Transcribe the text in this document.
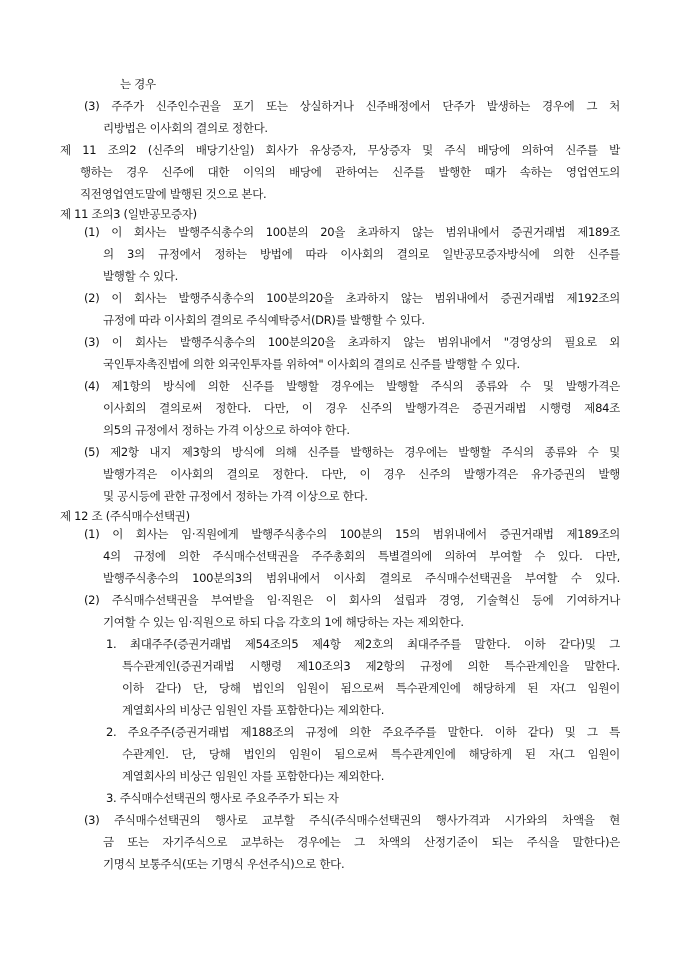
는 경우
(3) 주주가 신주인수권을 포기 또는 상실하거나 신주배정에서 단주가 발생하는 경우에 그 처
리방법은 이사회의 결의로 정한다.
제 11 조의2 (신주의 배당기산일) 회사가 유상증자, 무상증자 및 주식 배당에 의하여 신주를 발
행하는 경우 신주에 대한 이익의 배당에 관하여는 신주를 발행한 때가 속하는 영업연도의
직전영업연도말에 발행된 것으로 본다.
제 11 조의3 (일반공모증자)
(1) 이 회사는 발행주식총수의 100분의 20을 초과하지 않는 범위내에서 증권거래법 제189조
의 3의 규정에서 정하는 방법에 따라 이사회의 결의로 일반공모증자방식에 의한 신주를
발행할 수 있다.
(2) 이 회사는 발행주식총수의 100분의20을 초과하지 않는 범위내에서 증권거래법 제192조의
규정에 따라 이사회의 결의로 주식예탁증서(DR)를 발행할 수 있다.
(3) 이 회사는 발행주식총수의 100분의20을 초과하지 않는 범위내에서 "경영상의 필요로 외
국인투자촉진법에 의한 외국인투자를 위하여" 이사회의 결의로 신주를 발행할 수 있다.
(4) 제1항의 방식에 의한 신주를 발행할 경우에는 발행할 주식의 종류와 수 및 발행가격은
이사회의 결의로써 정한다. 다만, 이 경우 신주의 발행가격은 증권거래법 시행령 제84조
의5의 규정에서 정하는 가격 이상으로 하여야 한다.
(5) 제2항 내지 제3항의 방식에 의해 신주를 발행하는 경우에는 발행할 주식의 종류와 수 및
발행가격은 이사회의 결의로 정한다. 다만, 이 경우 신주의 발행가격은 유가증권의 발행
및 공시등에 관한 규정에서 정하는 가격 이상으로 한다.
제 12 조 (주식매수선택권)
(1) 이 회사는 임·직원에게 발행주식총수의 100분의 15의 범위내에서 증권거래법 제189조의
4의 규정에 의한 주식매수선택권을 주주총회의 특별결의에 의하여 부여할 수 있다. 다만,
발행주식총수의 100분의3의 범위내에서 이사회 결의로 주식매수선택권을 부여할 수 있다.
(2) 주식매수선택권을 부여받을 임·직원은 이 회사의 설립과 경영, 기술혁신 등에 기여하거나
기여할 수 있는 임·직원으로 하되 다음 각호의 1에 해당하는 자는 제외한다.
1. 최대주주(증권거래법 제54조의5 제4항 제2호의 최대주주를 말한다. 이하 같다)및 그
특수관계인(증권거래법 시행령 제10조의3 제2항의 규정에 의한 특수관계인을 말한다.
이하 같다) 단, 당해 법인의 임원이 됨으로써 특수관계인에 해당하게 된 자(그 임원이
계열회사의 비상근 임원인 자를 포함한다)는 제외한다.
2. 주요주주(증권거래법 제188조의 규정에 의한 주요주주를 말한다. 이하 같다) 및 그 특
수관계인. 단, 당해 법인의 임원이 됨으로써 특수관계인에 해당하게 된 자(그 임원이
계열회사의 비상근 임원인 자를 포함한다)는 제외한다.
3. 주식매수선택권의 행사로 주요주주가 되는 자
(3) 주식매수선택권의 행사로 교부할 주식(주식매수선택권의 행사가격과 시가와의 차액을 현
금 또는 자기주식으로 교부하는 경우에는 그 차액의 산정기준이 되는 주식을 말한다)은
기명식 보통주식(또는 기명식 우선주식)으로 한다.
